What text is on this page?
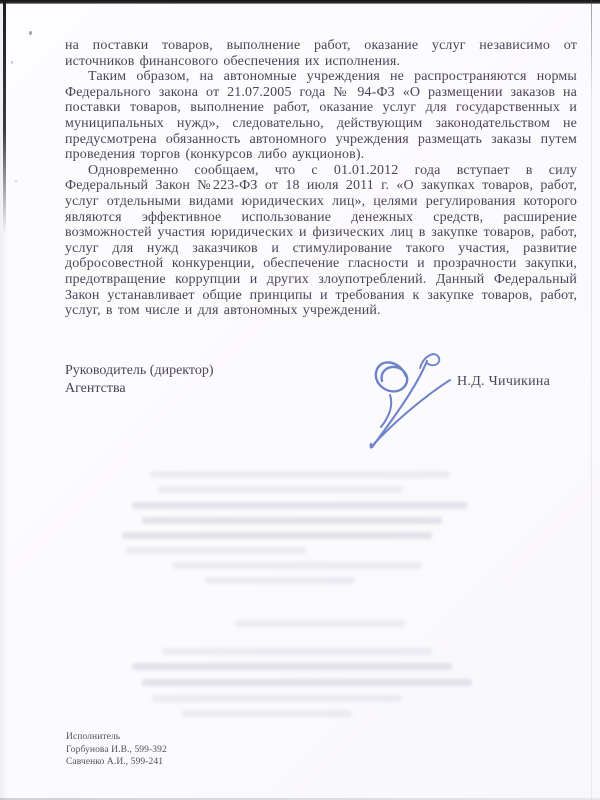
на поставки товаров, выполнение работ, оказание услуг независимо от источников финансового обеспечения их исполнения.

Таким образом, на автономные учреждения не распространяются нормы Федерального закона от 21.07.2005 года № 94-ФЗ «О размещении заказов на поставки товаров, выполнение работ, оказание услуг для государственных и муниципальных нужд», следовательно, действующим законодательством не предусмотрена обязанность автономного учреждения размещать заказы путем проведения торгов (конкурсов либо аукционов).

Одновременно сообщаем, что с 01.01.2012 года вступает в силу Федеральный Закон №223-ФЗ от 18 июля 2011 г. «О закупках товаров, работ, услуг отдельными видами юридических лиц», целями регулирования которого являются эффективное использование денежных средств, расширение возможностей участия юридических и физических лиц в закупке товаров, работ, услуг для нужд заказчиков и стимулирование такого участия, развитие добросовестной конкуренции, обеспечение гласности и прозрачности закупки, предотвращение коррупции и других злоупотреблений. Данный Федеральный Закон устанавливает общие принципы и требования к закупке товаров, работ, услуг, в том числе и для автономных учреждений.

Руководитель (директор)
Агентства	Н.Д. Чичикина
Исполнитель
Горбунова И.В., 599-392
Савченко А.И., 599-241
